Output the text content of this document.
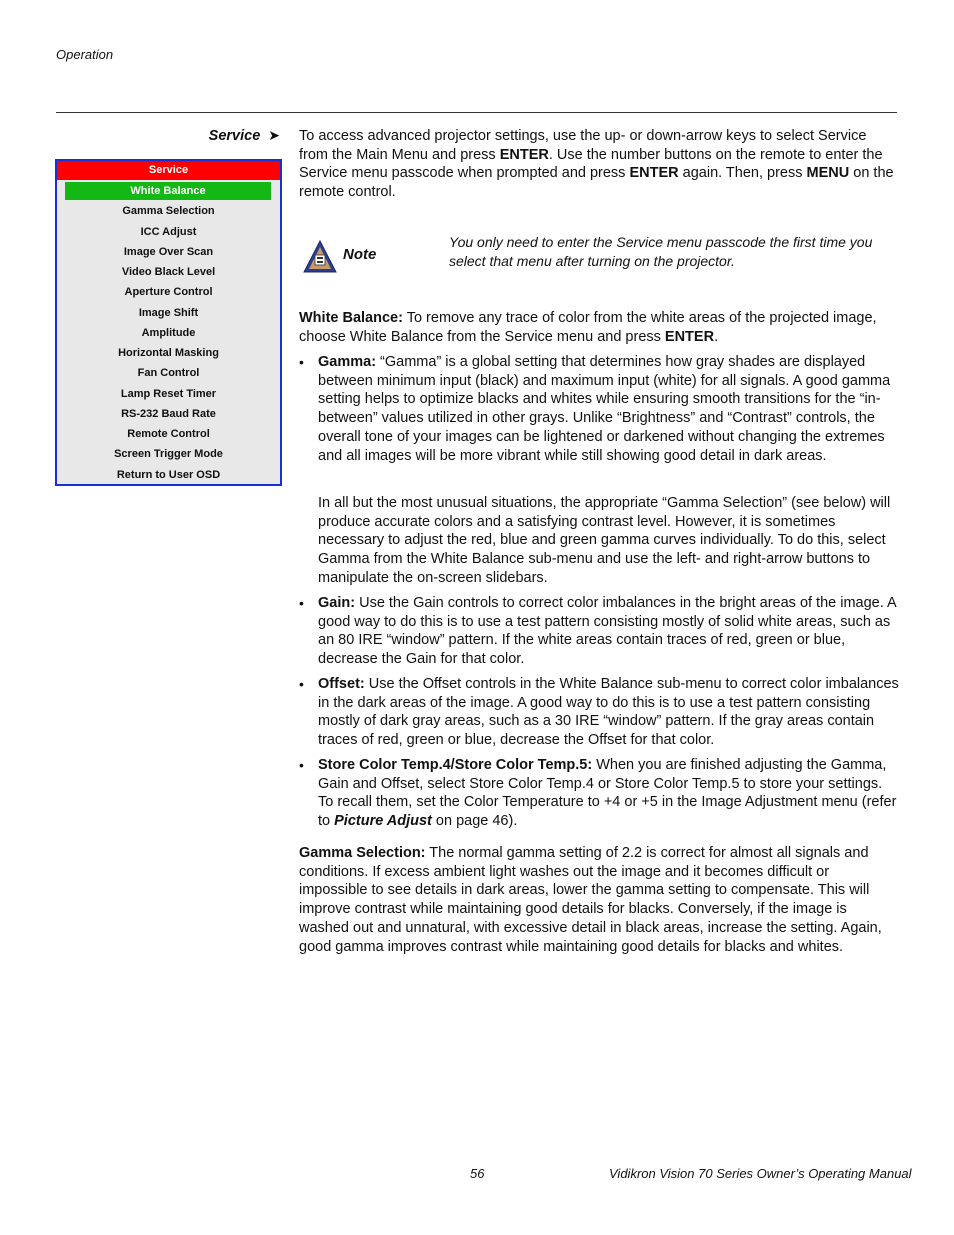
Operation
Service ➤ To access advanced projector settings, use the up- or down-arrow keys to select Service from the Main Menu and press ENTER. Use the number buttons on the remote to enter the Service menu passcode when prompted and press ENTER again. Then, press MENU on the remote control.
Service
White Balance
Gamma Selection
ICC Adjust
Image Over Scan
Video Black Level
Aperture Control
Image Shift
Amplitude
Horizontal Masking
Fan Control
Lamp Reset Timer
RS-232 Baud Rate
Remote Control
Screen Trigger Mode
Return to User OSD
Note
You only need to enter the Service menu passcode the first time you select that menu after turning on the projector.
White Balance: To remove any trace of color from the white areas of the projected image, choose White Balance from the Service menu and press ENTER.
• Gamma: “Gamma” is a global setting that determines how gray shades are displayed between minimum input (black) and maximum input (white) for all signals. A good gamma setting helps to optimize blacks and whites while ensuring smooth transitions for the “in-between” values utilized in other grays. Unlike “Brightness” and “Contrast” controls, the overall tone of your images can be lightened or darkened without changing the extremes and all images will be more vibrant while still showing good detail in dark areas.
In all but the most unusual situations, the appropriate “Gamma Selection” (see below) will produce accurate colors and a satisfying contrast level. However, it is sometimes necessary to adjust the red, blue and green gamma curves individually. To do this, select Gamma from the White Balance sub-menu and use the left- and right-arrow buttons to manipulate the on-screen slidebars.
• Gain: Use the Gain controls to correct color imbalances in the bright areas of the image. A good way to do this is to use a test pattern consisting mostly of solid white areas, such as an 80 IRE “window” pattern. If the white areas contain traces of red, green or blue, decrease the Gain for that color.
• Offset: Use the Offset controls in the White Balance sub-menu to correct color imbalances in the dark areas of the image. A good way to do this is to use a test pattern consisting mostly of dark gray areas, such as a 30 IRE “window” pattern. If the gray areas contain traces of red, green or blue, decrease the Offset for that color.
• Store Color Temp.4/Store Color Temp.5: When you are finished adjusting the Gamma, Gain and Offset, select Store Color Temp.4 or Store Color Temp.5 to store your settings. To recall them, set the Color Temperature to +4 or +5 in the Image Adjustment menu (refer to Picture Adjust on page 46).
Gamma Selection: The normal gamma setting of 2.2 is correct for almost all signals and conditions. If excess ambient light washes out the image and it becomes difficult or impossible to see details in dark areas, lower the gamma setting to compensate. This will improve contrast while maintaining good details for blacks. Conversely, if the image is washed out and unnatural, with excessive detail in black areas, increase the setting. Again, good gamma improves contrast while maintaining good details for blacks and whites.
56	Vidikron Vision 70 Series Owner’s Operating Manual
